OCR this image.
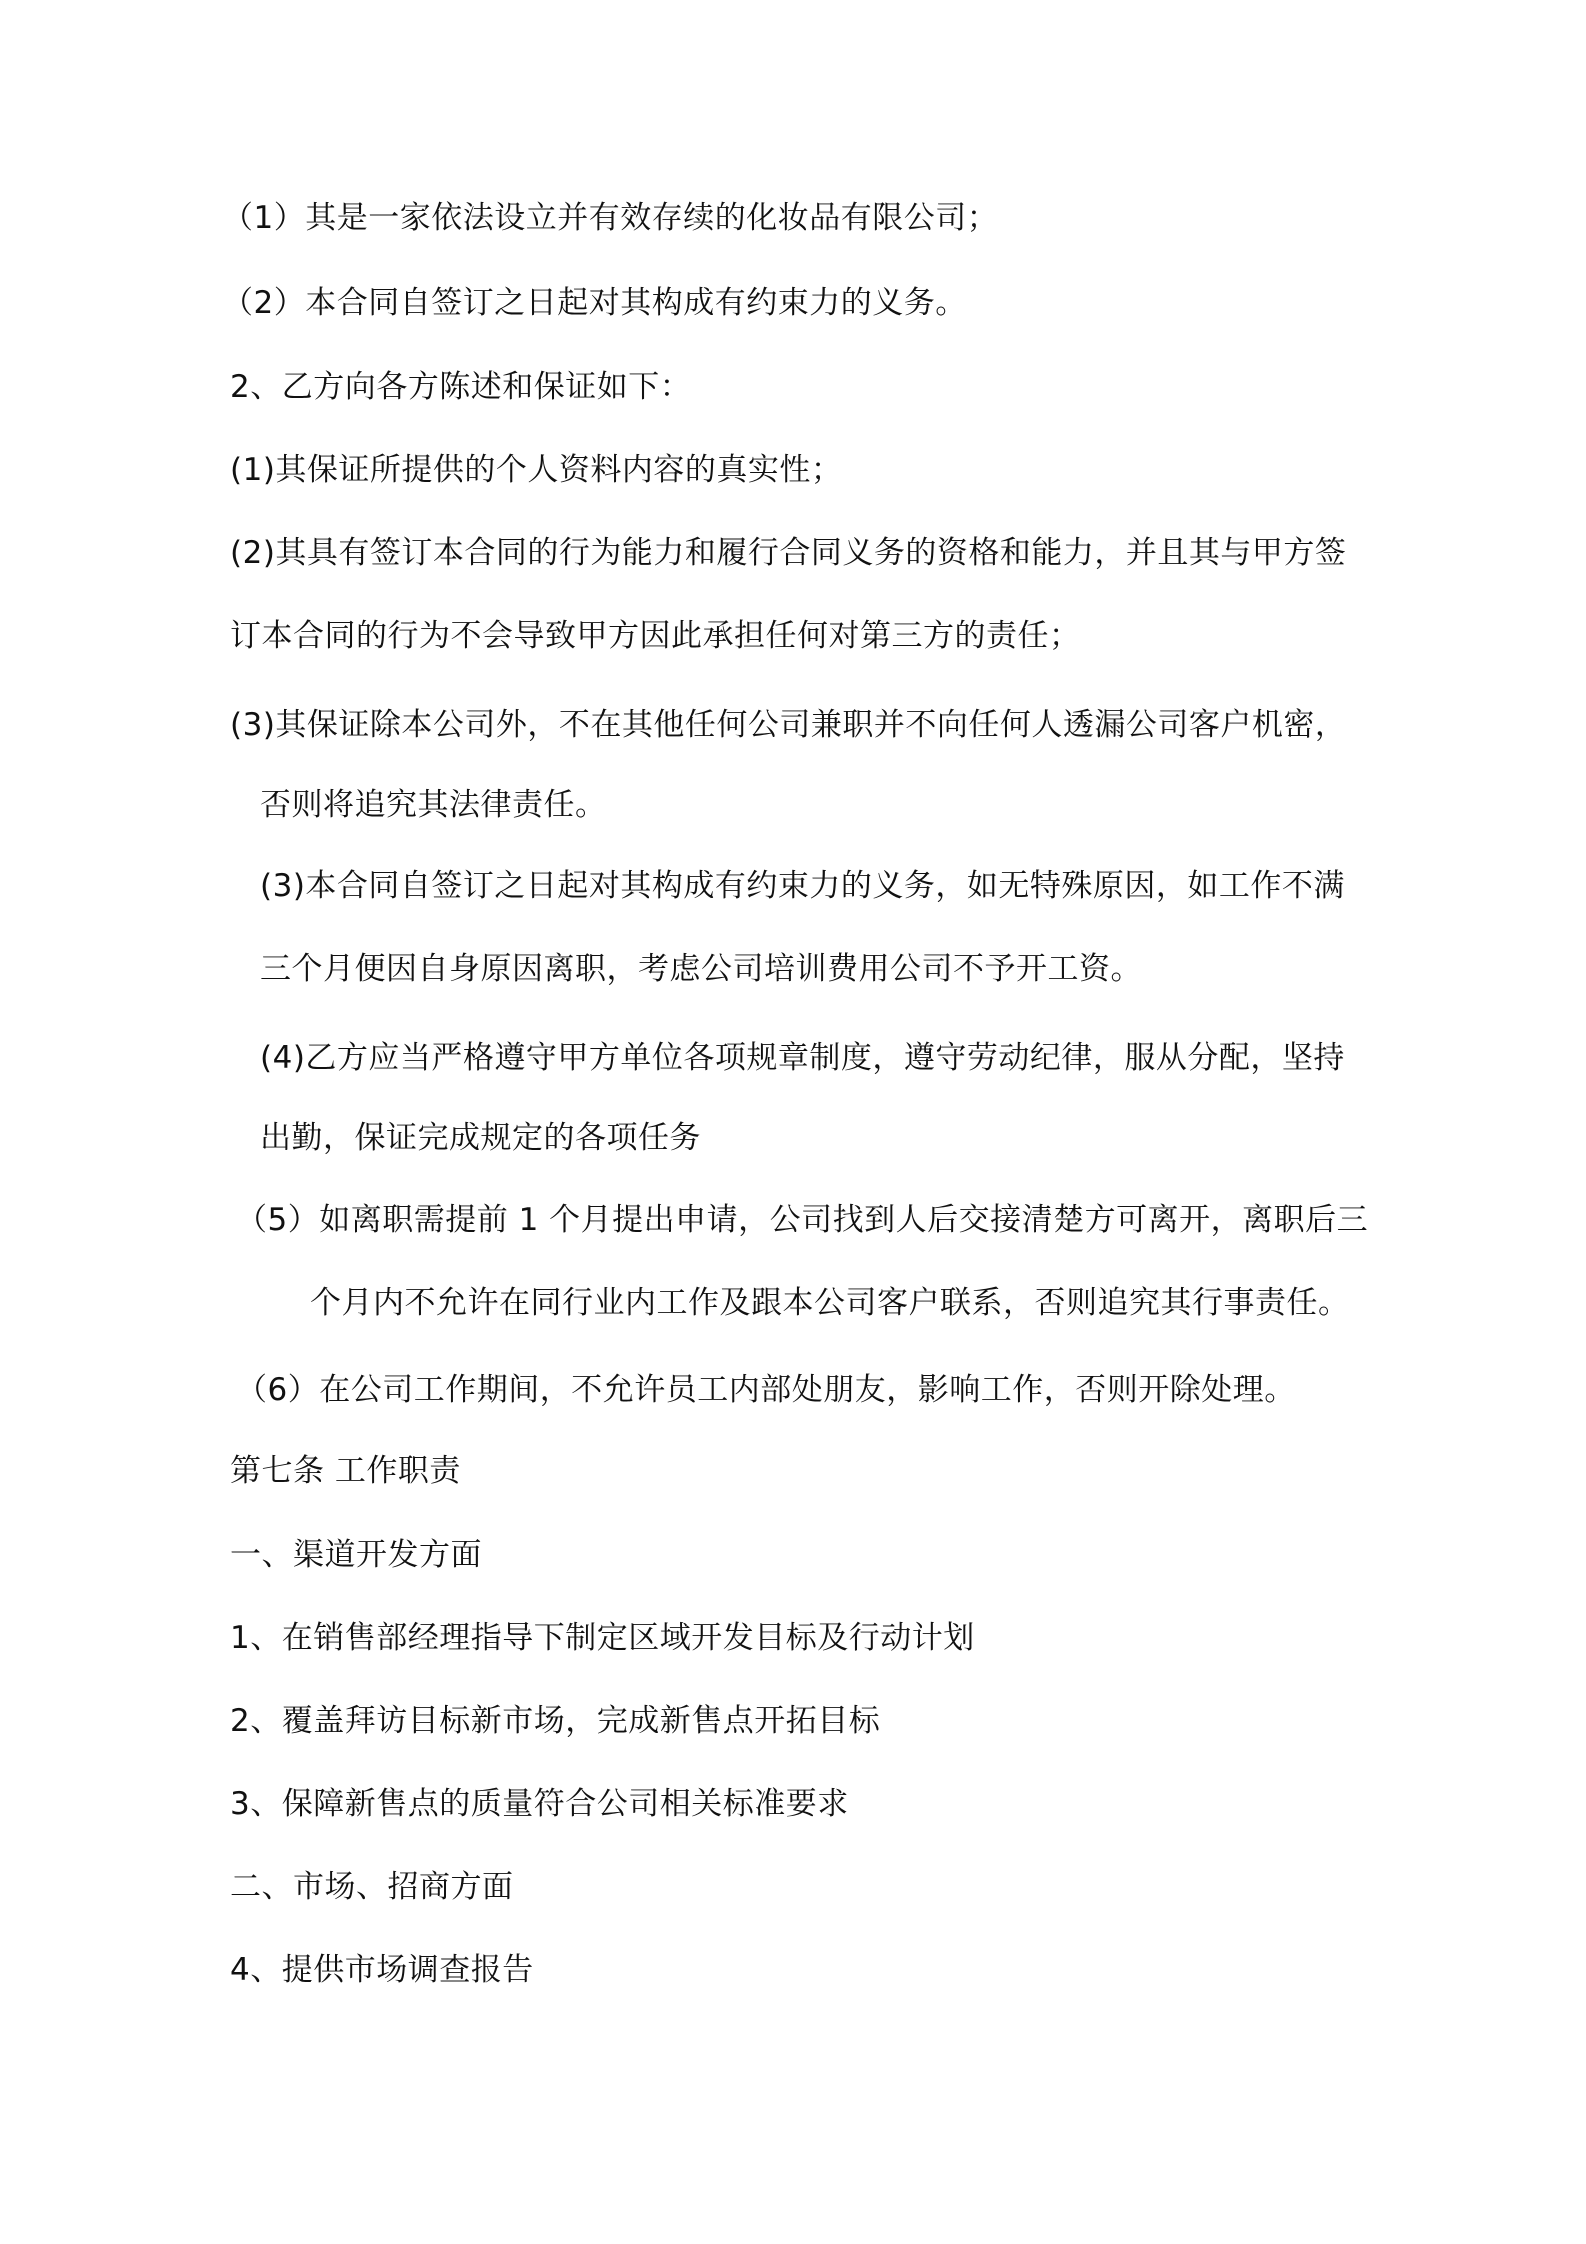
（1）其是一家依法设立并有效存续的化妆品有限公司；
（2）本合同自签订之日起对其构成有约束力的义务。
2、乙方向各方陈述和保证如下：
(1)其保证所提供的个人资料内容的真实性；
(2)其具有签订本合同的行为能力和履行合同义务的资格和能力，并且其与甲方签
订本合同的行为不会导致甲方因此承担任何对第三方的责任；
(3)其保证除本公司外，不在其他任何公司兼职并不向任何人透漏公司客户机密，
否则将追究其法律责任。
(3)本合同自签订之日起对其构成有约束力的义务，如无特殊原因，如工作不满
三个月便因自身原因离职，考虑公司培训费用公司不予开工资。
(4)乙方应当严格遵守甲方单位各项规章制度，遵守劳动纪律，服从分配，坚持
出勤，保证完成规定的各项任务
（5）如离职需提前 1 个月提出申请，公司找到人后交接清楚方可离开，离职后三
个月内不允许在同行业内工作及跟本公司客户联系，否则追究其行事责任。
（6）在公司工作期间，不允许员工内部处朋友，影响工作，否则开除处理。
第七条 工作职责
一、渠道开发方面
1、在销售部经理指导下制定区域开发目标及行动计划
2、覆盖拜访目标新市场，完成新售点开拓目标
3、保障新售点的质量符合公司相关标准要求
二、市场、招商方面
4、提供市场调查报告
